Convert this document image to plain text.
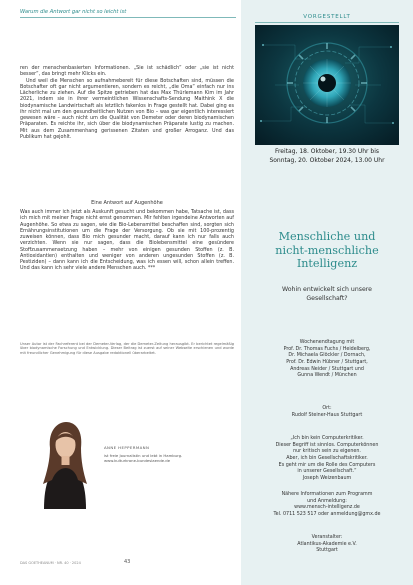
Warum die Antwort gar nicht so leicht ist

ren der menschenbasierten Informationen. „Sie ist schädlich“ oder „sie ist nicht besser“, das bringt mehr Klicks ein.

Und weil die Menschen so aufnahmebereit für diese Botschaften sind, müssen die Botschafter oft gar nicht argumentieren, sondern es reicht, „die Oma“ einfach nur ins Lächerliche zu ziehen. Auf die Spitze getrieben hat das Max Thürlemann Kim im Jahr 2021, indem sie in ihrer vermeintlichen Wissenschafts-Sendung Maithink X die biodynamische Landwirtschaft als letztlich fakenlos in Frage gestellt hat. Dabei ging es ihr nicht mal um den gesundheitlichen Nutzen von Bio – was gar eigentlich interessiert gewesen wäre – auch nicht um die Qualität von Demeter oder deren biodynamischen Präparaten. Es reichte ihr, sich über die biodynamischen Präparate lustig zu machen. Mit aus dem Zusammenhang gerissenen Zitaten und großer Arroganz. Und das Publikum hat gejohlt.

Eine Antwort auf Augenhöhe

Was auch immer ich jetzt als Auskunft gesucht und bekommen habe, Tatsache ist, dass ich mich mit meiner Frage nicht ernst genommen. Mir fehlten irgendeine Antworten auf Augenhöhe. So etwa zu sagen, wie die Bio-Lebensmittel beschaffen sind, sorgten sich Ernährungsinstitutionen um die Frage der Versorgung. Ob sie mit 100-prozentig zuweisen können, dass Bio mich gesunder macht, darauf kann ich nur falls auch verzichten. Wenn sie nur sagen, dass die Biolebensmittel eine gesündere Stoffzusammensetzung haben – mehr von einigen gesunden Stoffen (z. B. Antioxidantien) enthalten und weniger von anderen ungesunden Stoffen (z. B. Pestiziden) – dann kann ich die Entscheidung, was ich essen will, schon allein treffen. Und das kann ich sehr viele andere Menschen auch. ***

Unser Autor ist der Fachreferent bei der Demeter-Verlag, der die Demeter-Zeitung herausgibt. Er berichtet regelmäßig über biodynamische Forschung und Entwicklung. Dieser Beitrag ist zuerst auf seiner Webseite erschienen und wurde mit freundlicher Genehmigung für diese Ausgabe redaktionell überarbeitet.
ANNE HEPPERMANN
ist freie Journalistin und lebt in Hamburg.
www.kulturkrone-bundeslaende.de
DAS GOETHEANUM · NR. 40 · 2024	43
VORGESTELLT
Freitag, 18. Oktober, 19.30 Uhr bis
Sonntag, 20. Oktober 2024, 13.00 Uhr
Menschliche und
nicht-menschliche
Intelligenz
Wohin entwickelt sich unsere
Gesellschaft?
Wochenendtagung mit
Prof. Dr. Thomas Fuchs / Heidelberg,
Dr. Michaela Glöckler / Dornach,
Prof. Dr. Edwin Hübner / Stuttgart,
Andreas Neider / Stuttgart und
Gunna Wendt / München
Ort:
Rudolf Steiner-Haus Stuttgart
„Ich bin kein Computerkritiker.
Dieser Begriff ist sinnlos. Computerkönnen
nur kritisch sein zu eigenen.
Aber, ich bin Gesellschaftskritiker.
Es geht mir um die Rolle des Computers
in unserer Gesellschaft.“
Joseph Weizenbaum
Nähere Informationen zum Programm
und Anmeldung:
www.mensch-intelligenz.de
Tel. 0711 523 517 oder anmeldung@gmx.de
Veranstalter:
Atlantikus-Akademie e.V.
Stuttgart
